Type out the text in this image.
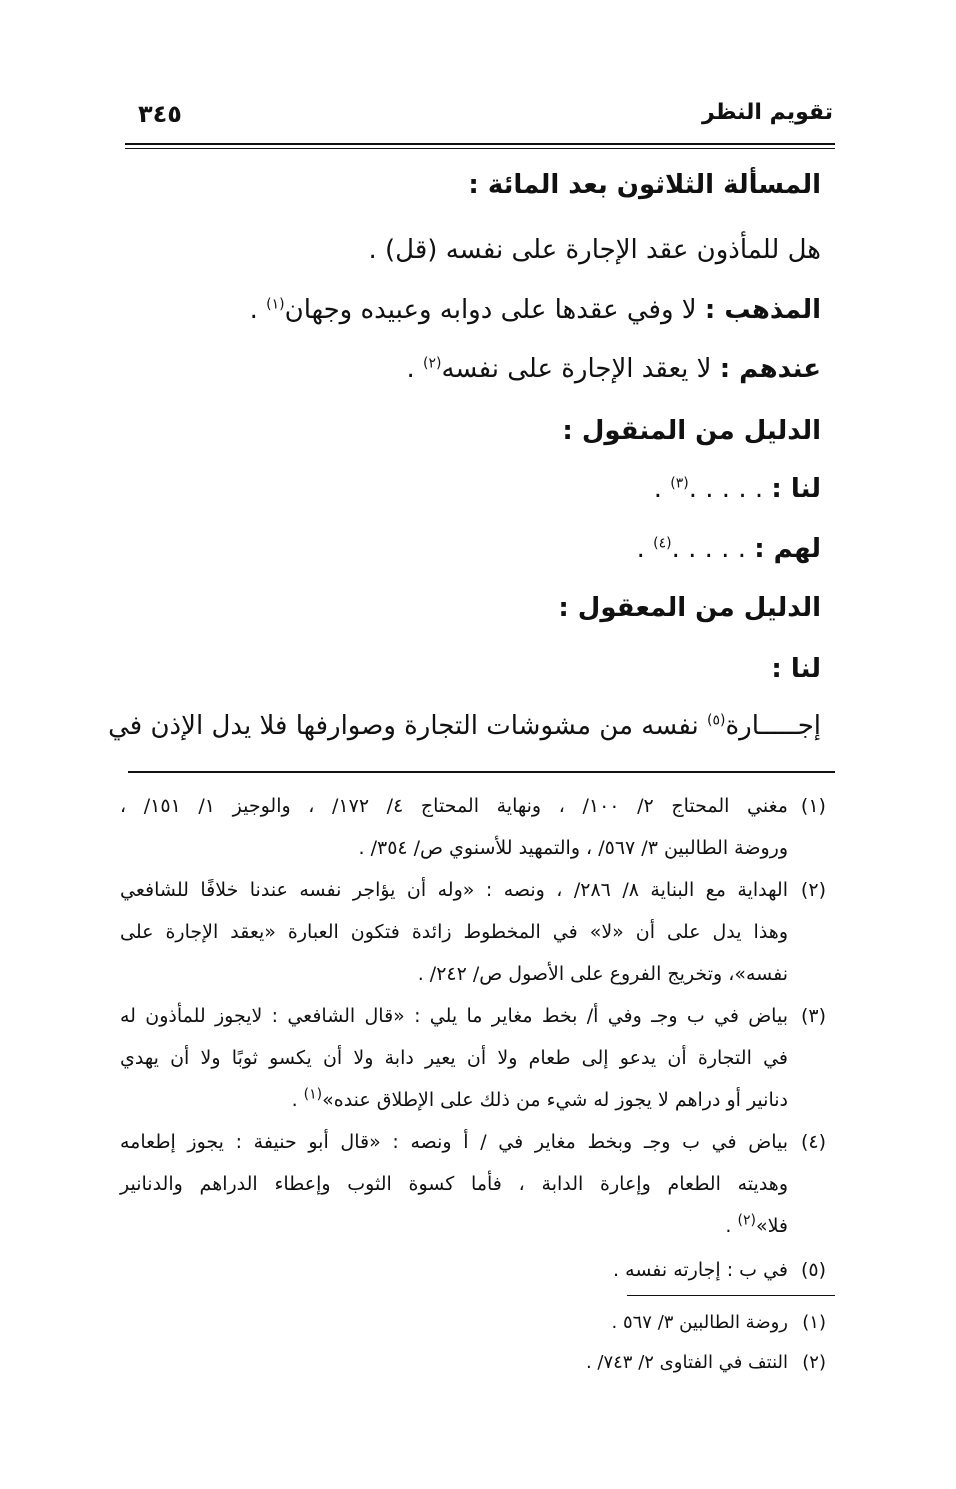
تقويم النظر
٣٤٥
المسألة الثلاثون بعد المائة :
هل للمأذون عقد الإجارة على نفسه (قل) .
المذهب : لا وفي عقدها على دوابه وعبيده وجهان$^{(١)}$ .
عندهم : لا يعقد الإجارة على نفسه$^{(٢)}$ .
الدليل من المنقول :
لنا : . . . . .$^{(٣)}$ .
لهم : . . . . .$^{(٤)}$ .
الدليل من المعقول :
لنا :
إجـــــارة$^{(٥)}$ نفسه من مشوشات التجارة وصوارفها فلا يدل الإذن في
(١)مغني المحتاج ٢/ ١٠٠/ ، ونهاية المحتاج ٤/ ١٧٢/ ، والوجيز ١/ ١٥١/ ،
وروضة الطالبين ٣/ ٥٦٧/ ، والتمهيد للأسنوي ص/ ٣٥٤/ .
(٢)الهداية مع البناية ٨/ ٢٨٦/ ، ونصه : «وله أن يؤاجر نفسه عندنا خلافًا للشافعي
وهذا يدل على أن «لا» في المخطوط زائدة فتكون العبارة «يعقد الإجارة على
نفسه»، وتخريج الفروع على الأصول ص/ ٢٤٢/ .
(٣)بياض في ب وجـ وفي أ/ بخط مغاير ما يلي : «قال الشافعي : لايجوز للمأذون له
في التجارة أن يدعو إلى طعام ولا أن يعير دابة ولا أن يكسو ثوبًا ولا أن يهدي
دنانير أو دراهم لا يجوز له شيء من ذلك على الإطلاق عنده»$^{(١)}$ .
(٤)بياض في ب وجـ وبخط مغاير في / أ ونصه : «قال أبو حنيفة : يجوز إطعامه
وهديته الطعام وإعارة الدابة ، فأما كسوة الثوب وإعطاء الدراهم والدنانير
فلا»$^{(٢)}$ .
(٥)في ب : إجارته نفسه .
(١)روضة الطالبين ٣/ ٥٦٧ .
(٢)النتف في الفتاوى ٢/ ٧٤٣/ .
